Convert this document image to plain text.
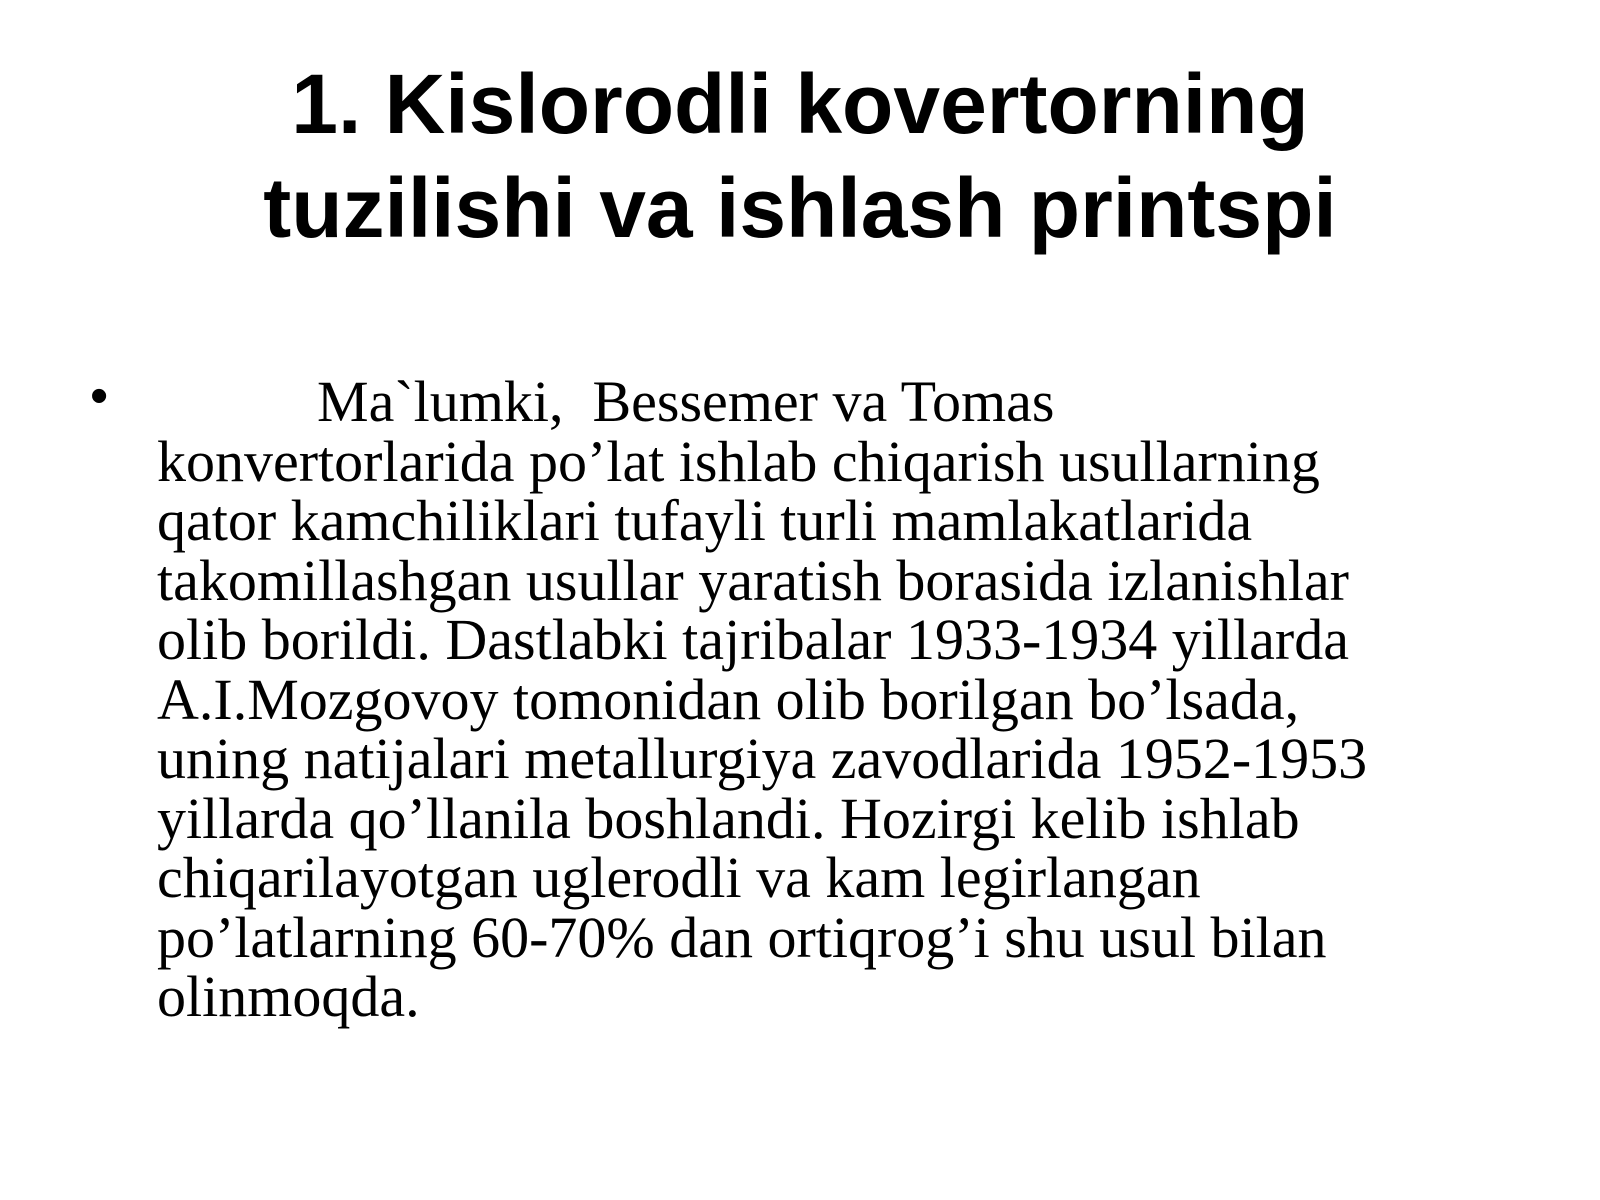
1. Kislorodli kovertorning
tuzilishi va ishlash printspi
•	Ma`lumki,  Bessemer va Tomas
konvertorlarida po’lat ishlab chiqarish usullarning
qator kamchiliklari tufayli turli mamlakatlarida
takomillashgan usullar yaratish borasida izlanishlar
olib borildi. Dastlabki tajribalar 1933-1934 yillarda
A.I.Mozgovoy tomonidan olib borilgan bo’lsada,
uning natijalari metallurgiya zavodlarida 1952-1953
yillarda qo’llanila boshlandi. Hozirgi kelib ishlab
chiqarilayotgan uglerodli va kam legirlangan
po’latlarning 60-70% dan ortiqrog’i shu usul bilan
olinmoqda.
